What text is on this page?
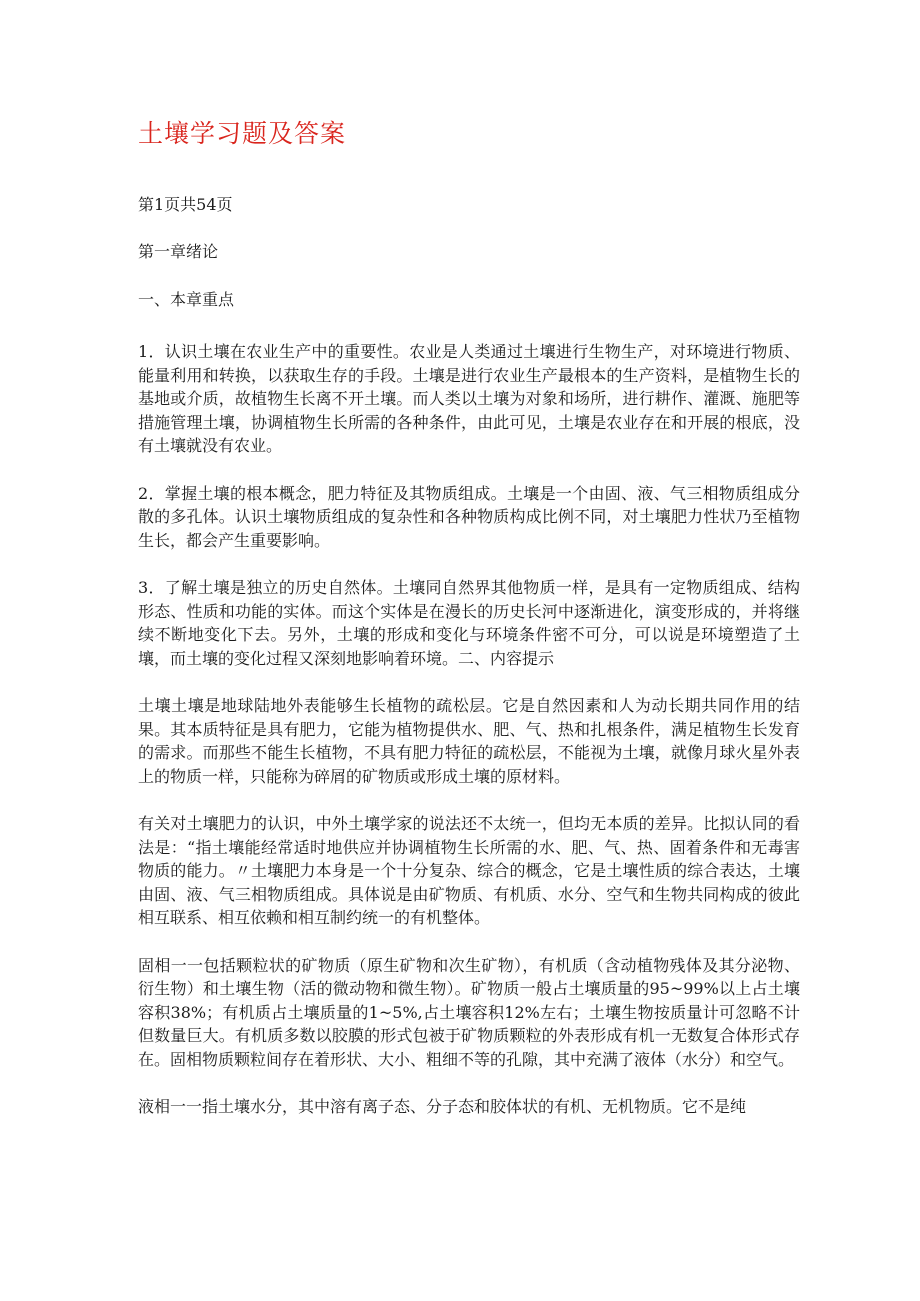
土壤学习题及答案
第1页共54页
第一章绪论
一、本章重点

1．认识土壤在农业生产中的重要性。农业是人类通过土壤进行生物生产，对环境进行物质、能量利用和转换，以获取生存的手段。土壤是进行农业生产最根本的生产资料，是植物生长的基地或介质，故植物生长离不开土壤。而人类以土壤为对象和场所，进行耕作、灌溉、施肥等措施管理土壤，协调植物生长所需的各种条件，由此可见，土壤是农业存在和开展的根底，没有土壤就没有农业。

2．掌握土壤的根本概念，肥力特征及其物质组成。土壤是一个由固、液、气三相物质组成分散的多孔体。认识土壤物质组成的复杂性和各种物质构成比例不同，对土壤肥力性状乃至植物生长，都会产生重要影响。

3．了解土壤是独立的历史自然体。土壤同自然界其他物质一样，是具有一定物质组成、结构形态、性质和功能的实体。而这个实体是在漫长的历史长河中逐渐进化，演变形成的，并将继续不断地变化下去。另外，土壤的形成和变化与环境条件密不可分，可以说是环境塑造了土壤，而土壤的变化过程又深刻地影响着环境。二、内容提示

土壤土壤是地球陆地外表能够生长植物的疏松层。它是自然因素和人为动长期共同作用的结果。其本质特征是具有肥力，它能为植物提供水、肥、气、热和扎根条件，满足植物生长发育的需求。而那些不能生长植物，不具有肥力特征的疏松层，不能视为土壤，就像月球火星外表上的物质一样，只能称为碎屑的矿物质或形成土壤的原材料。

有关对土壤肥力的认识，中外土壤学家的说法还不太统一，但均无本质的差异。比拟认同的看法是：“指土壤能经常适时地供应并协调植物生长所需的水、肥、气、热、固着条件和无毒害物质的能力。〃土壤肥力本身是一个十分复杂、综合的概念，它是土壤性质的综合表达，土壤由固、液、气三相物质组成。具体说是由矿物质、有机质、水分、空气和生物共同构成的彼此相互联系、相互依赖和相互制约统一的有机整体。

固相一一包括颗粒状的矿物质（原生矿物和次生矿物），有机质（含动植物残体及其分泌物、衍生物）和土壤生物（活的微动物和微生物）。矿物质一般占土壤质量的95~99%以上占土壤容积38%；有机质占土壤质量的1~5%,占土壤容积12%左右；土壤生物按质量计可忽略不计但数量巨大。有机质多数以胶膜的形式包被于矿物质颗粒的外表形成有机一无数复合体形式存在。固相物质颗粒间存在着形状、大小、粗细不等的孔隙，其中充满了液体（水分）和空气。

液相一一指土壤水分，其中溶有离子态、分子态和胶体状的有机、无机物质。它不是纯
